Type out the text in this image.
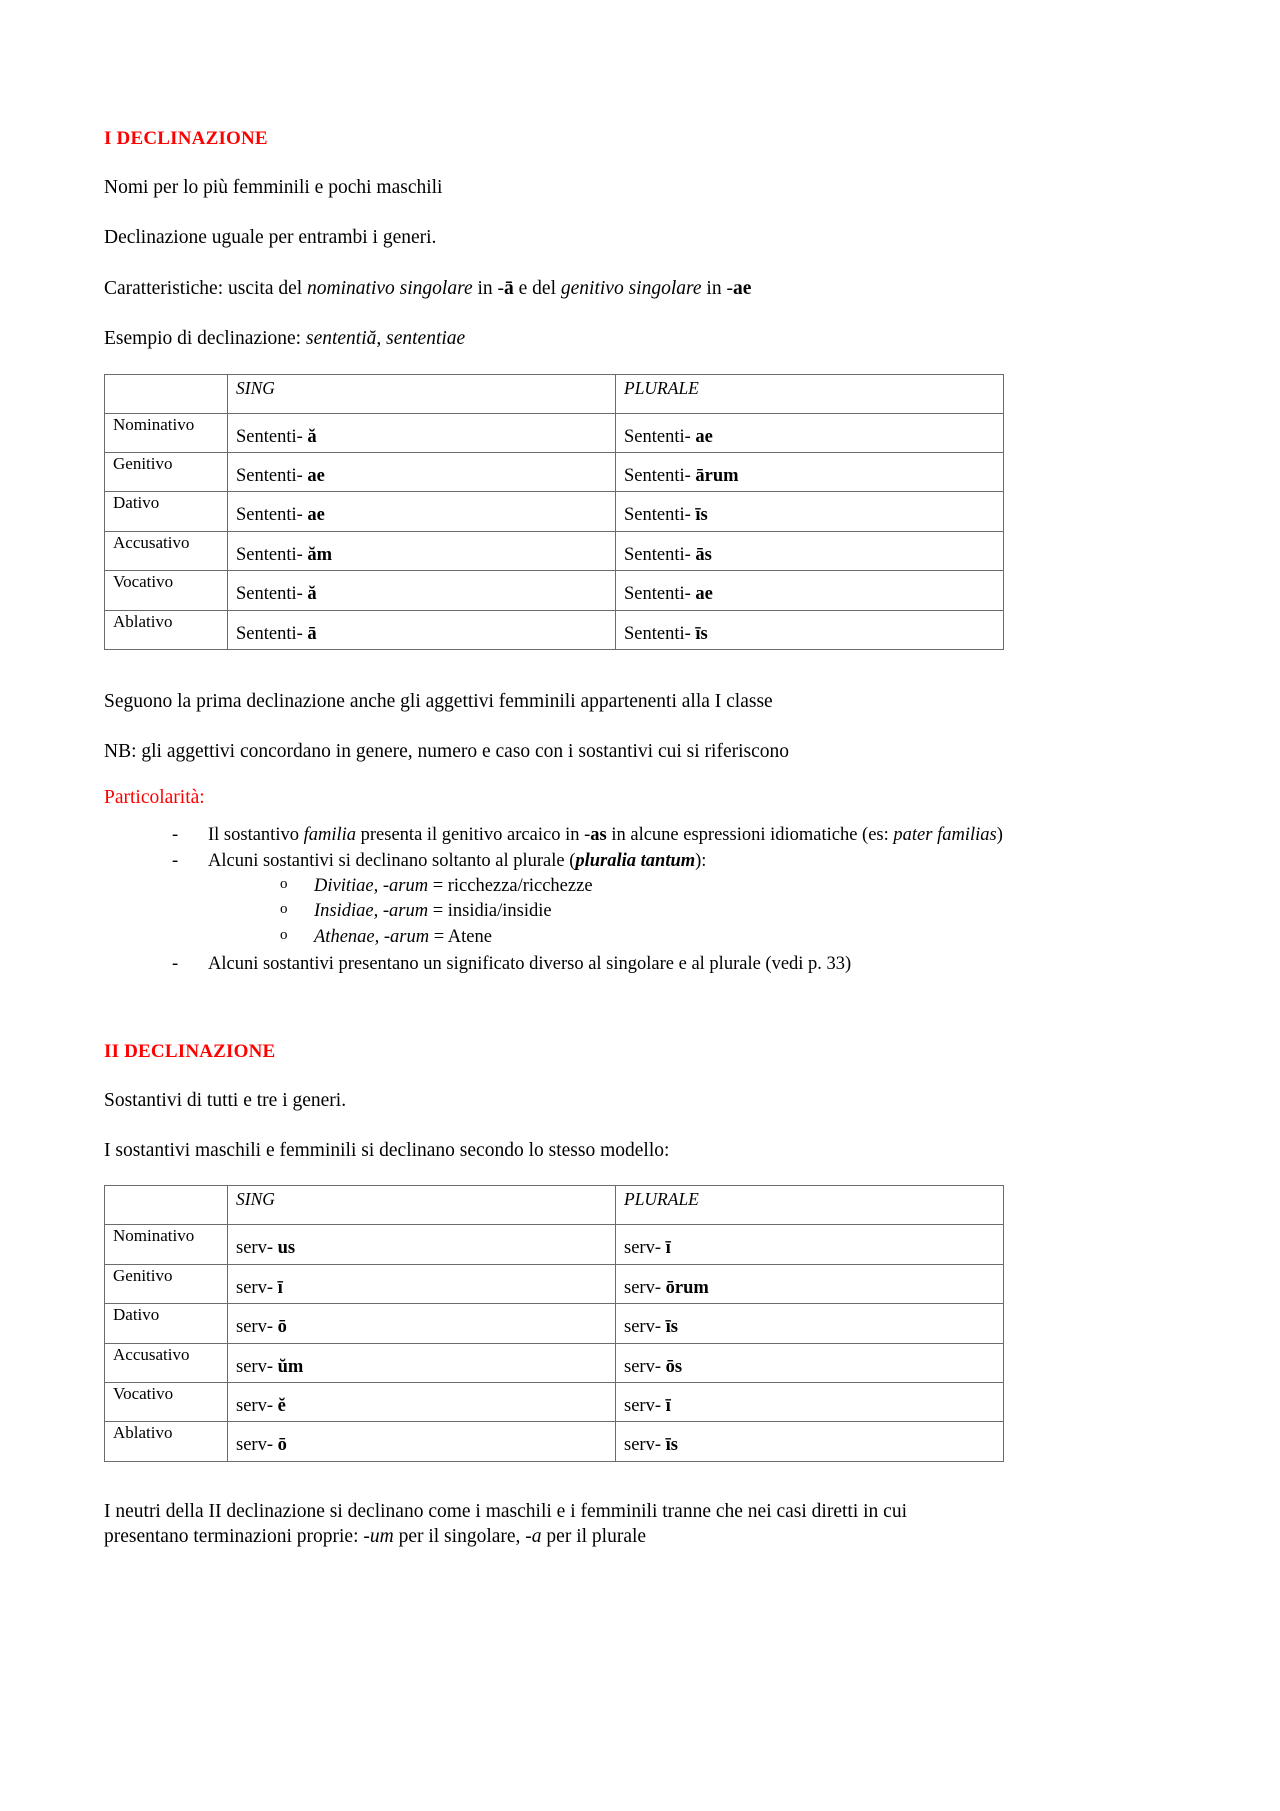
I DECLINAZIONE

Nomi per lo più femminili e pochi maschili

Declinazione uguale per entrambi i generi.

Caratteristiche: uscita del nominativo singolare in -ā e del genitivo singolare in -ae

Esempio di declinazione: sententiă, sententiae

	SING	PLURALE

Nominativo	Sententi- ă	Sententi- ae

Genitivo	Sententi- ae	Sententi- ārum

Dativo	Sententi- ae	Sententi- īs

Accusativo	Sententi- ăm	Sententi- ās

Vocativo	Sententi- ă	Sententi- ae

Ablativo	Sententi- ā	Sententi- īs

Seguono la prima declinazione anche gli aggettivi femminili appartenenti alla I classe

NB: gli aggettivi concordano in genere, numero e caso con i sostantivi cui si riferiscono

Particolarità:

- Il sostantivo familia presenta il genitivo arcaico in -as in alcune espressioni idiomatiche (es: pater familias)
- Alcuni sostantivi si declinano soltanto al plurale (pluralia tantum):
o Divitiae, -arum = ricchezza/ricchezze
o Insidiae, -arum = insidia/insidie
o Athenae, -arum = Atene
- Alcuni sostantivi presentano un significato diverso al singolare e al plurale (vedi p. 33)
II DECLINAZIONE

Sostantivi di tutti e tre i generi.

I sostantivi maschili e femminili si declinano secondo lo stesso modello:

	SING	PLURALE

Nominativo	serv- us	serv- ī

Genitivo	serv- ī	serv- ōrum

Dativo	serv- ō	serv- īs

Accusativo	serv- ŭm	serv- ōs

Vocativo	serv- ĕ	serv- ī

Ablativo	serv- ō	serv- īs

I neutri della II declinazione si declinano come i maschili e i femminili tranne che nei casi diretti in cui presentano terminazioni proprie: -um per il singolare, -a per il plurale
